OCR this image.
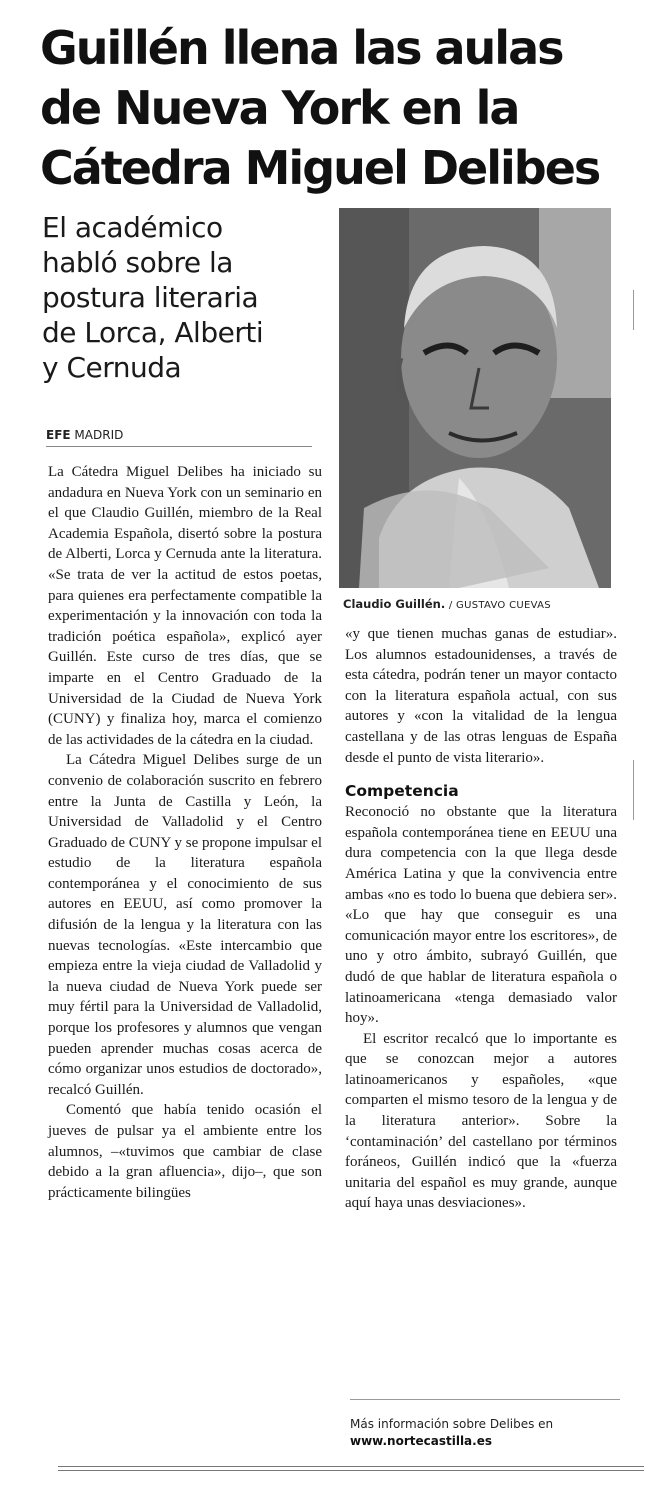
Guillén llena las aulas
de Nueva York en la
Cátedra Miguel Delibes
El académico
habló sobre la
postura literaria
de Lorca, Alberti
y Cernuda
Claudio Guillén. / GUSTAVO CUEVAS
EFE MADRID

La Cátedra Miguel Delibes ha iniciado su andadura en Nueva York con un seminario en el que Claudio Guillén, miembro de la Real Academia Española, disertó sobre la postura de Alberti, Lorca y Cernuda ante la literatura. «Se trata de ver la actitud de estos poetas, para quienes era perfectamente compatible la experimentación y la innovación con toda la tradición poética española», explicó ayer Guillén. Este curso de tres días, que se imparte en el Centro Graduado de la Universidad de la Ciudad de Nueva York (CUNY) y finaliza hoy, marca el comienzo de las actividades de la cátedra en la ciudad.

La Cátedra Miguel Delibes surge de un convenio de colaboración suscrito en febrero entre la Junta de Castilla y León, la Universidad de Valladolid y el Centro Graduado de CUNY y se propone impulsar el estudio de la literatura española contemporánea y el conocimiento de sus autores en EEUU, así como promover la difusión de la lengua y la literatura con las nuevas tecnologías. «Este intercambio que empieza entre la vieja ciudad de Valladolid y la nueva ciudad de Nueva York puede ser muy fértil para la Universidad de Valladolid, porque los profesores y alumnos que vengan pueden aprender muchas cosas acerca de cómo organizar unos estudios de doctorado», recalcó Guillén.

Comentó que había tenido ocasión el jueves de pulsar ya el ambiente entre los alumnos, –«tuvimos que cambiar de clase debido a la gran afluencia», dijo–, que son prácticamente bilingües

«y que tienen muchas ganas de estudiar». Los alumnos estadounidenses, a través de esta cátedra, podrán tener un mayor contacto con la literatura española actual, con sus autores y «con la vitalidad de la lengua castellana y de las otras lenguas de España desde el punto de vista literario».

Competencia

Reconoció no obstante que la literatura española contemporánea tiene en EEUU una dura competencia con la que llega desde América Latina y que la convivencia entre ambas «no es todo lo buena que debiera ser». «Lo que hay que conseguir es una comunicación mayor entre los escritores», de uno y otro ámbito, subrayó Guillén, que dudó de que hablar de literatura española o latinoamericana «tenga demasiado valor hoy».

El escritor recalcó que lo importante es que se conozcan mejor a autores latinoamericanos y españoles, «que comparten el mismo tesoro de la lengua y de la literatura anterior». Sobre la ‘contaminación’ del castellano por términos foráneos, Guillén indicó que la «fuerza unitaria del español es muy grande, aunque aquí haya unas desviaciones».

Más información sobre Delibes en
www.nortecastilla.es
